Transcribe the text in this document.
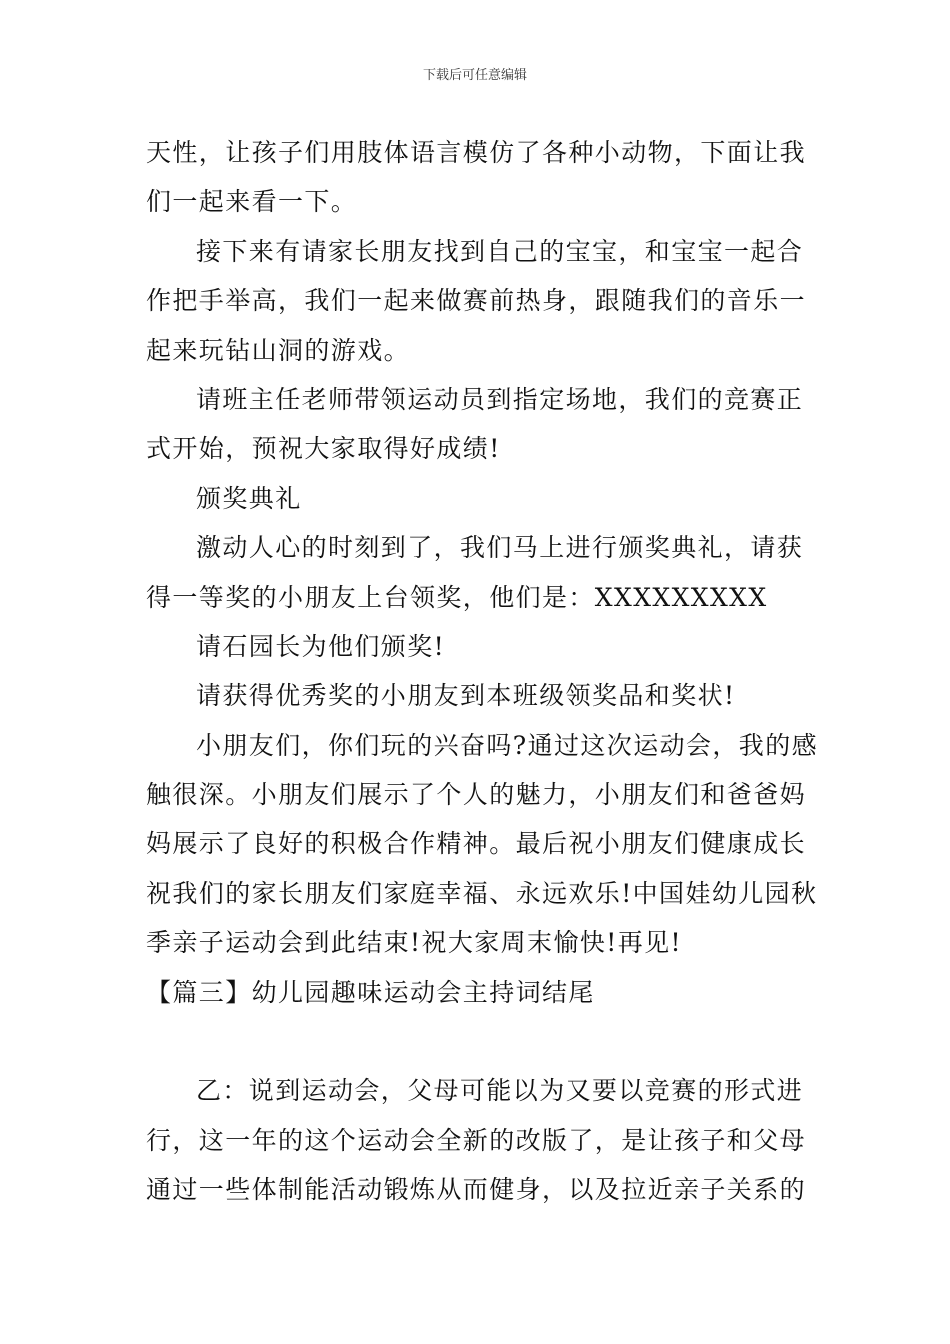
下载后可任意编辑
天性，让孩子们用肢体语言模仿了各种小动物，下面让我
们一起来看一下。
接下来有请家长朋友找到自己的宝宝，和宝宝一起合
作把手举高，我们一起来做赛前热身，跟随我们的音乐一
起来玩钻山洞的游戏。
请班主任老师带领运动员到指定场地，我们的竞赛正
式开始，预祝大家取得好成绩!
颁奖典礼
激动人心的时刻到了，我们马上进行颁奖典礼，请获
得一等奖的小朋友上台领奖，他们是：XXXXXXXXX
请石园长为他们颁奖!
请获得优秀奖的小朋友到本班级领奖品和奖状!
小朋友们，你们玩的兴奋吗?通过这次运动会，我的感
触很深。小朋友们展示了个人的魅力，小朋友们和爸爸妈
妈展示了良好的积极合作精神。最后祝小朋友们健康成长
祝我们的家长朋友们家庭幸福、永远欢乐!中国娃幼儿园秋
季亲子运动会到此结束!祝大家周末愉快!再见!
【篇三】幼儿园趣味运动会主持词结尾
乙：说到运动会，父母可能以为又要以竞赛的形式进
行，这一年的这个运动会全新的改版了，是让孩子和父母
通过一些体制能活动锻炼从而健身，以及拉近亲子关系的
